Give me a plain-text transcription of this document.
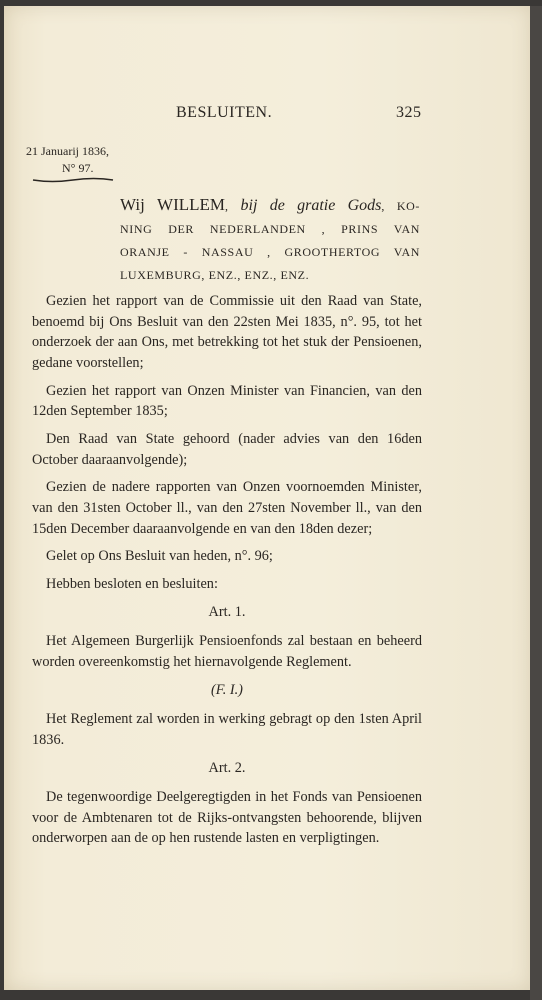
BESLUITEN.	325
21 Januarij 1836,
N° 97.
Wij WILLEM, bij de gratie Gods, KO-
NING DER NEDERLANDEN , PRINS VAN
ORANJE - NASSAU , GROOTHERTOG VAN
LUXEMBURG, ENZ., ENZ., ENZ.

Gezien het rapport van de Commissie uit den Raad van State, benoemd bij Ons Besluit van den 22sten Mei 1835, n°. 95, tot het onderzoek der aan Ons, met betrekking tot het stuk der Pensioenen, gedane voorstellen;

Gezien het rapport van Onzen Minister van Financien, van den 12den September 1835;

Den Raad van State gehoord (nader advies van den 16den October daaraanvolgende);

Gezien de nadere rapporten van Onzen voornoemden Minister, van den 31sten October ll., van den 27sten November ll., van den 15den December daaraanvolgende en van den 18den dezer;

Gelet op Ons Besluit van heden, n°. 96;

Hebben besloten en besluiten:

Art. 1.

Het Algemeen Burgerlijk Pensioenfonds zal bestaan en beheerd worden overeenkomstig het hiernavolgende Reglement.

(F. I.)

Het Reglement zal worden in werking gebragt op den 1sten April 1836.

Art. 2.

De tegenwoordige Deelgeregtigden in het Fonds van Pensioenen voor de Ambtenaren tot de Rijks-ontvangsten behoorende, blijven onderworpen aan de op hen rustende lasten en verpligtingen.
